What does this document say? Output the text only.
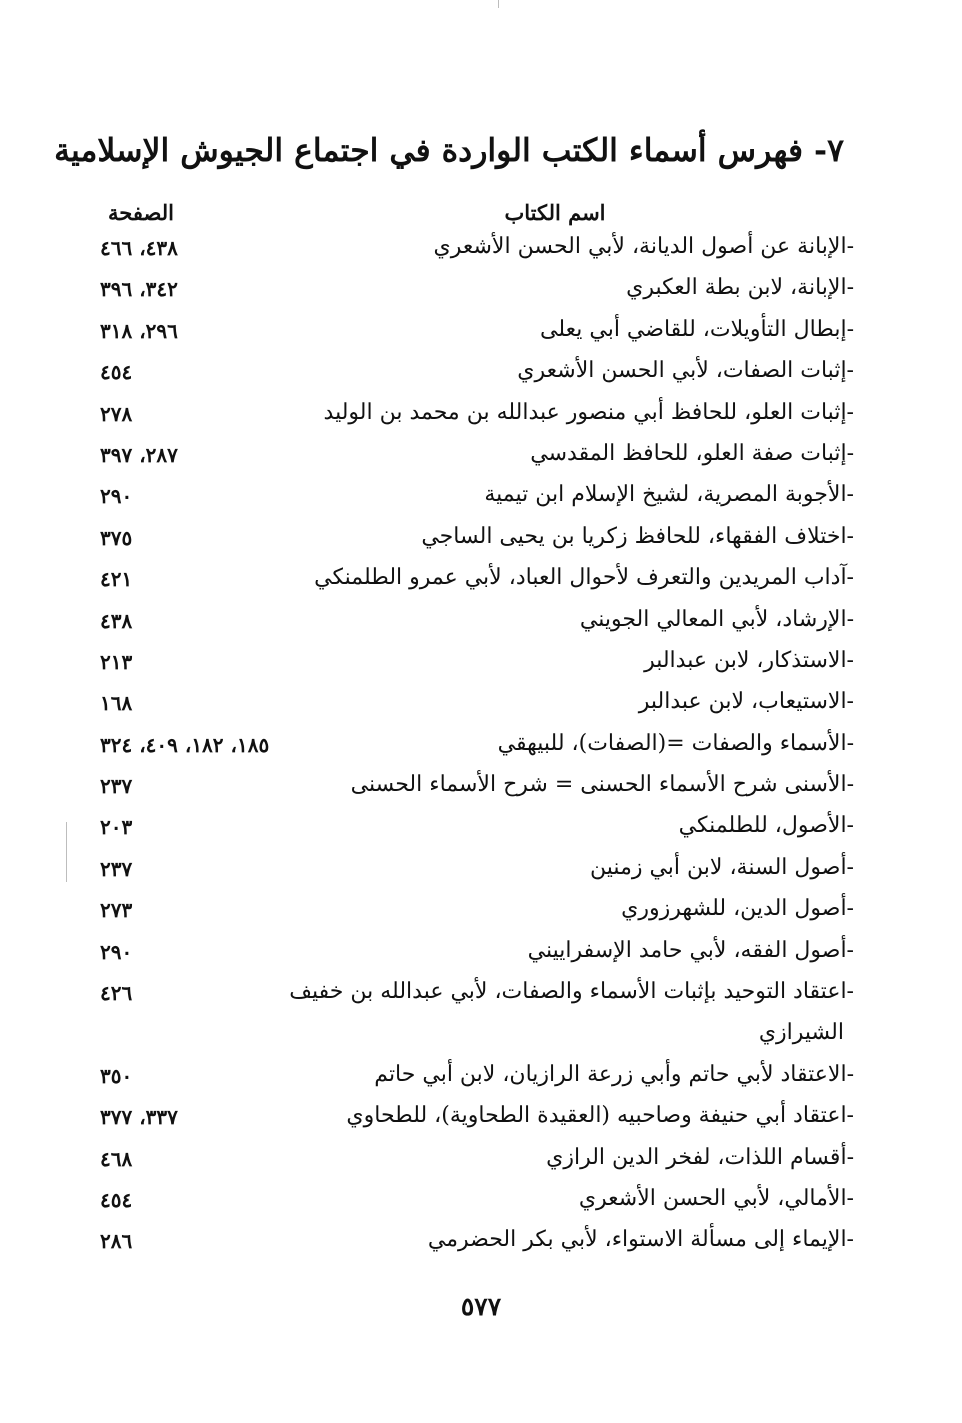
٧- فهرس أسماء الكتب الواردة في اجتماع الجيوش الإسلامية
اسم الكتاب
الصفحة
-الإبانة عن أصول الديانة، لأبي الحسن الأشعري
٤٣٨، ٤٦٦
-الإبانة، لابن بطة العكبري
٣٤٢، ٣٩٦
-إبطال التأويلات، للقاضي أبي يعلى
٢٩٦، ٣١٨
-إثبات الصفات، لأبي الحسن الأشعري
٤٥٤
-إثبات العلو، للحافظ أبي منصور عبدالله بن محمد بن الوليد
٢٧٨
-إثبات صفة العلو، للحافظ المقدسي
٢٨٧، ٣٩٧
-الأجوبة المصرية، لشيخ الإسلام ابن تيمية
٢٩٠
-اختلاف الفقهاء، للحافظ زكريا بن يحيى الساجي
٣٧٥
-آداب المريدين والتعرف لأحوال العباد، لأبي عمرو الطلمنكي
٤٢١
-الإرشاد، لأبي المعالي الجويني
٤٣٨
-الاستذكار، لابن عبدالبر
٢١٣
-الاستيعاب، لابن عبدالبر
١٦٨
-الأسماء والصفات =(الصفات)، للبيهقي
١٨٥، ١٨٢، ٤٠٩، ٣٢٤
-الأسنى شرح الأسماء الحسنى = شرح الأسماء الحسنى
٢٣٧
-الأصول، للطلمنكي
٢٠٣
-أصول السنة، لابن أبي زمنين
٢٣٧
-أصول الدين، للشهرزوري
٢٧٣
-أصول الفقه، لأبي حامد الإسفراييني
٢٩٠
-اعتقاد التوحيد بإثبات الأسماء والصفات، لأبي عبدالله بن خفيف
٤٢٦
الشيرازي
-الاعتقاد لأبي حاتم وأبي زرعة الرازيان، لابن أبي حاتم
٣٥٠
-اعتقاد أبي حنيفة وصاحبيه (العقيدة الطحاوية)، للطحاوي
٣٣٧، ٣٧٧
-أقسام اللذات، لفخر الدين الرازي
٤٦٨
-الأمالي، لأبي الحسن الأشعري
٤٥٤
-الإيماء إلى مسألة الاستواء، لأبي بكر الحضرمي
٢٨٦
٥٧٧
